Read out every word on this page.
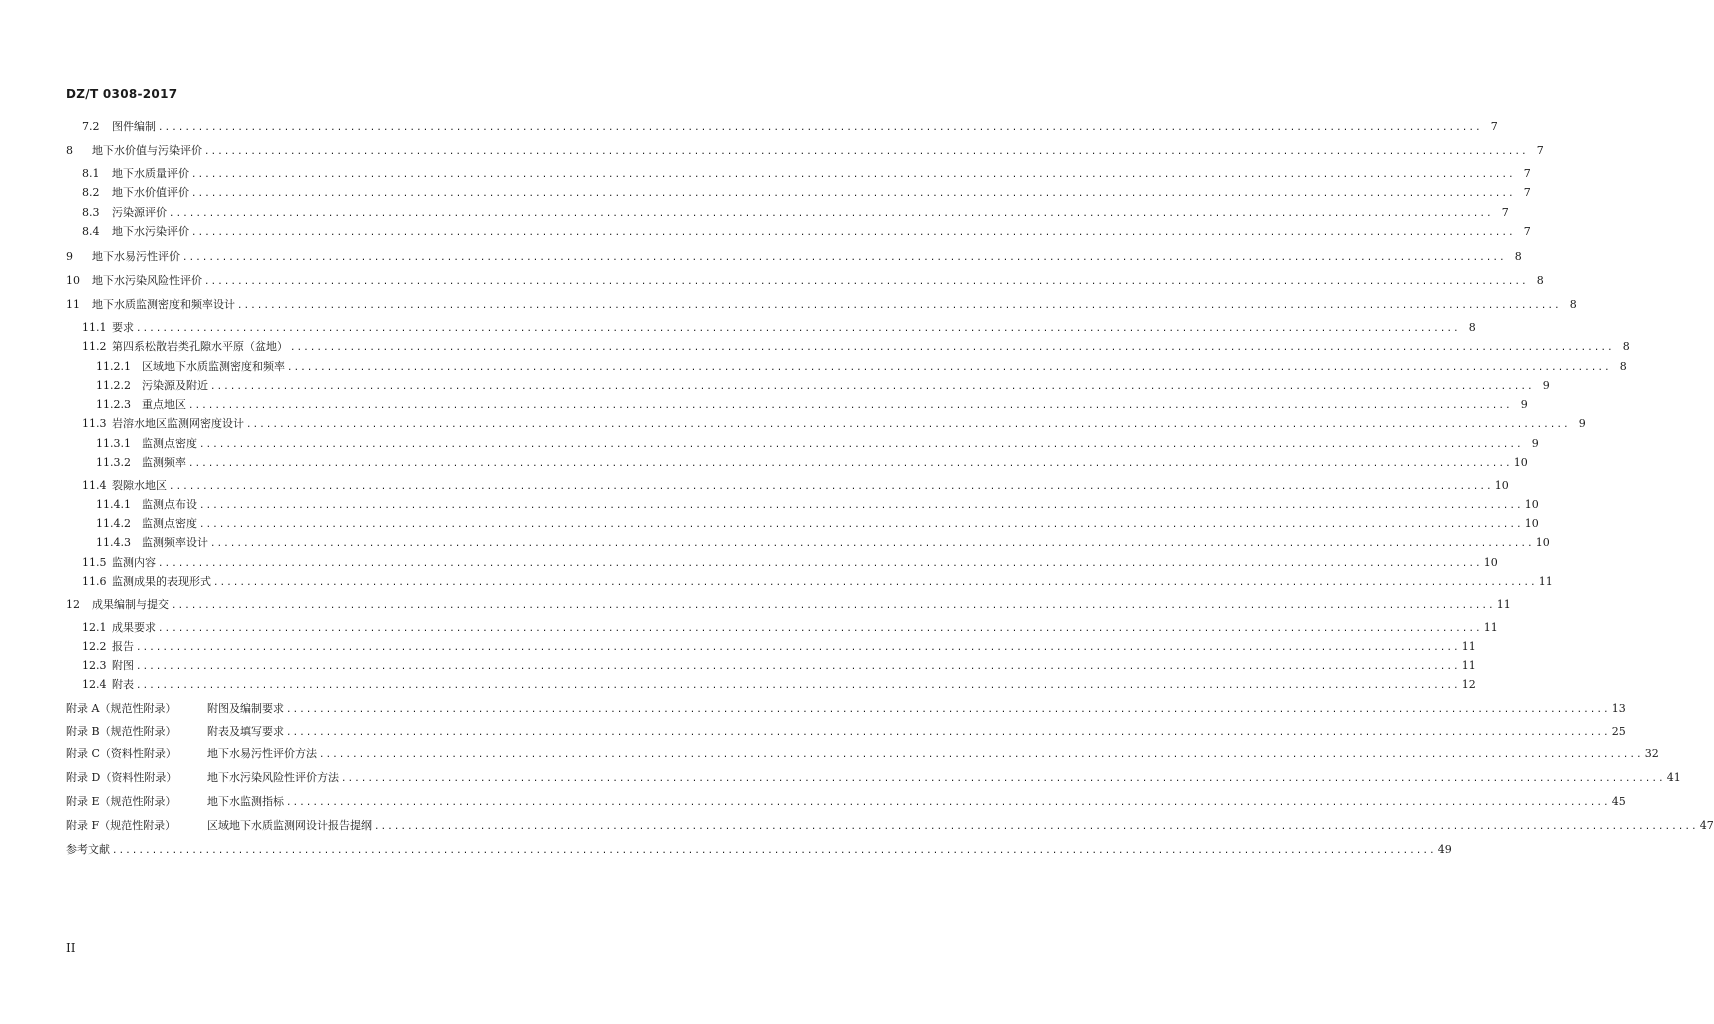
DZ/T 0308-2017
7.2 图件编制 ........................................................................................................................................................................................................ 7
8 地下水价值与污染评价 ........................................................................................................................................................................................................ 7
8.1 地下水质量评价 ........................................................................................................................................................................................................ 7
8.2 地下水价值评价 ........................................................................................................................................................................................................ 7
8.3 污染源评价 ........................................................................................................................................................................................................ 7
8.4 地下水污染评价 ........................................................................................................................................................................................................ 7
9 地下水易污性评价 ........................................................................................................................................................................................................ 8
10 地下水污染风险性评价 ........................................................................................................................................................................................................ 8
11 地下水质监测密度和频率设计 ........................................................................................................................................................................................................ 8
11.1 要求 ........................................................................................................................................................................................................ 8
11.2 第四系松散岩类孔隙水平原（盆地） ........................................................................................................................................................................................................ 8
11.2.1 区域地下水质监测密度和频率 ........................................................................................................................................................................................................ 8
11.2.2 污染源及附近 ........................................................................................................................................................................................................ 9
11.2.3 重点地区 ........................................................................................................................................................................................................ 9
11.3 岩溶水地区监测网密度设计 ........................................................................................................................................................................................................ 9
11.3.1 监测点密度 ........................................................................................................................................................................................................ 9
11.3.2 监测频率 ........................................................................................................................................................................................................ 10
11.4 裂隙水地区 ........................................................................................................................................................................................................ 10
11.4.1 监测点布设 ........................................................................................................................................................................................................ 10
11.4.2 监测点密度 ........................................................................................................................................................................................................ 10
11.4.3 监测频率设计 ........................................................................................................................................................................................................ 10
11.5 监测内容 ........................................................................................................................................................................................................ 10
11.6 监测成果的表现形式 ........................................................................................................................................................................................................ 11
12 成果编制与提交 ........................................................................................................................................................................................................ 11
12.1 成果要求 ........................................................................................................................................................................................................ 11
12.2 报告 ........................................................................................................................................................................................................ 11
12.3 附图 ........................................................................................................................................................................................................ 11
12.4 附表 ........................................................................................................................................................................................................ 12
附录 A（规范性附录）	附图及编制要求 ........................................................................................................................................................................................................ 13
附录 B（规范性附录）	附表及填写要求 ........................................................................................................................................................................................................ 25
附录 C（资料性附录）	地下水易污性评价方法 ........................................................................................................................................................................................................ 32
附录 D（资料性附录）	地下水污染风险性评价方法 ........................................................................................................................................................................................................ 41
附录 E（规范性附录）	地下水监测指标 ........................................................................................................................................................................................................ 45
附录 F（规范性附录）	区域地下水质监测网设计报告提纲 ........................................................................................................................................................................................................ 47
参考文献 ........................................................................................................................................................................................................ 49
II
